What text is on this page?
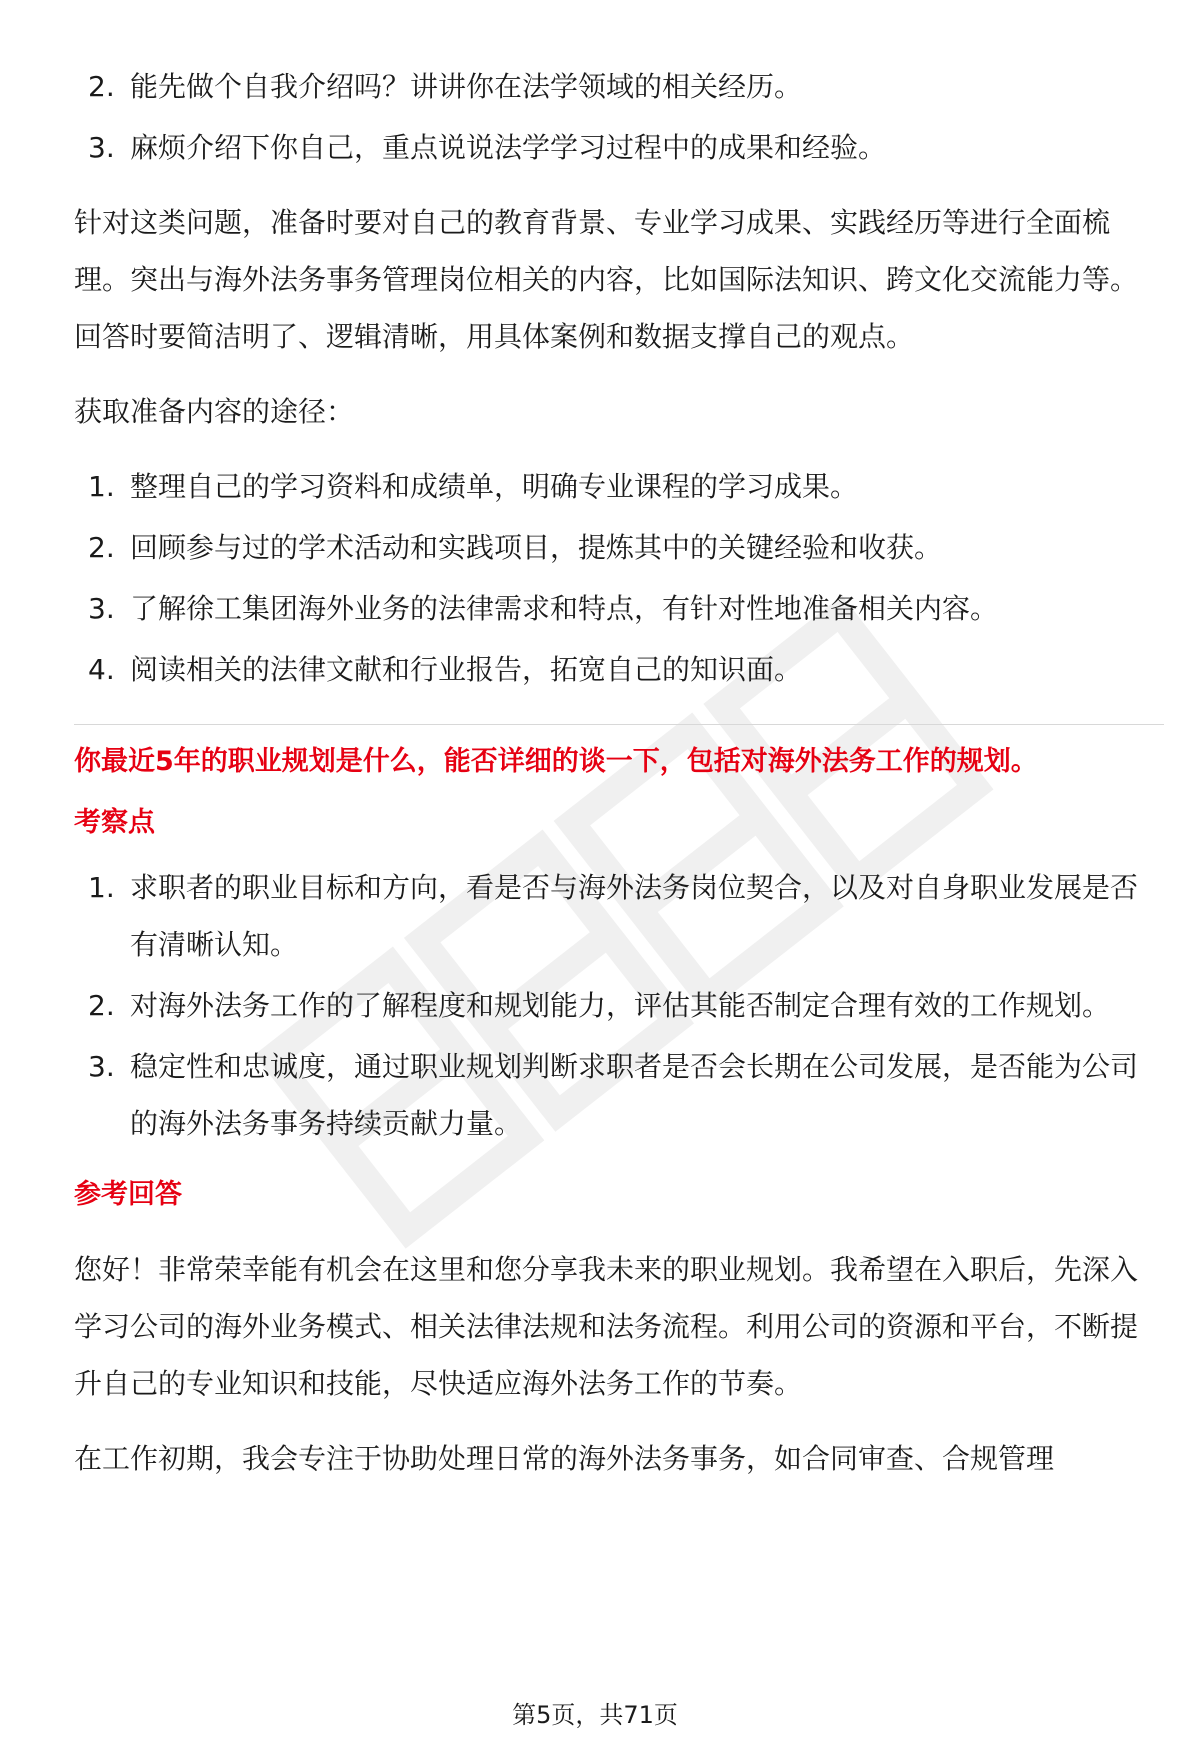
2. 能先做个自我介绍吗？讲讲你在法学领域的相关经历。
3. 麻烦介绍下你自己，重点说说法学学习过程中的成果和经验。

针对这类问题，准备时要对自己的教育背景、专业学习成果、实践经历等进行全面梳理。突出与海外法务事务管理岗位相关的内容，比如国际法知识、跨文化交流能力等。回答时要简洁明了、逻辑清晰，用具体案例和数据支撑自己的观点。

获取准备内容的途径：

1. 整理自己的学习资料和成绩单，明确专业课程的学习成果。
2. 回顾参与过的学术活动和实践项目，提炼其中的关键经验和收获。
3. 了解徐工集团海外业务的法律需求和特点，有针对性地准备相关内容。
4. 阅读相关的法律文献和行业报告，拓宽自己的知识面。

你最近5年的职业规划是什么，能否详细的谈一下，包括对海外法务工作的规划。

考察点

1. 求职者的职业目标和方向，看是否与海外法务岗位契合，以及对自身职业发展是否有清晰认知。
2. 对海外法务工作的了解程度和规划能力，评估其能否制定合理有效的工作规划。
3. 稳定性和忠诚度，通过职业规划判断求职者是否会长期在公司发展，是否能为公司的海外法务事务持续贡献力量。

参考回答

您好！非常荣幸能有机会在这里和您分享我未来的职业规划。我希望在入职后，先深入学习公司的海外业务模式、相关法律法规和法务流程。利用公司的资源和平台，不断提升自己的专业知识和技能，尽快适应海外法务工作的节奏。

在工作初期，我会专注于协助处理日常的海外法务事务，如合同审查、合规管理

第5页，共71页
